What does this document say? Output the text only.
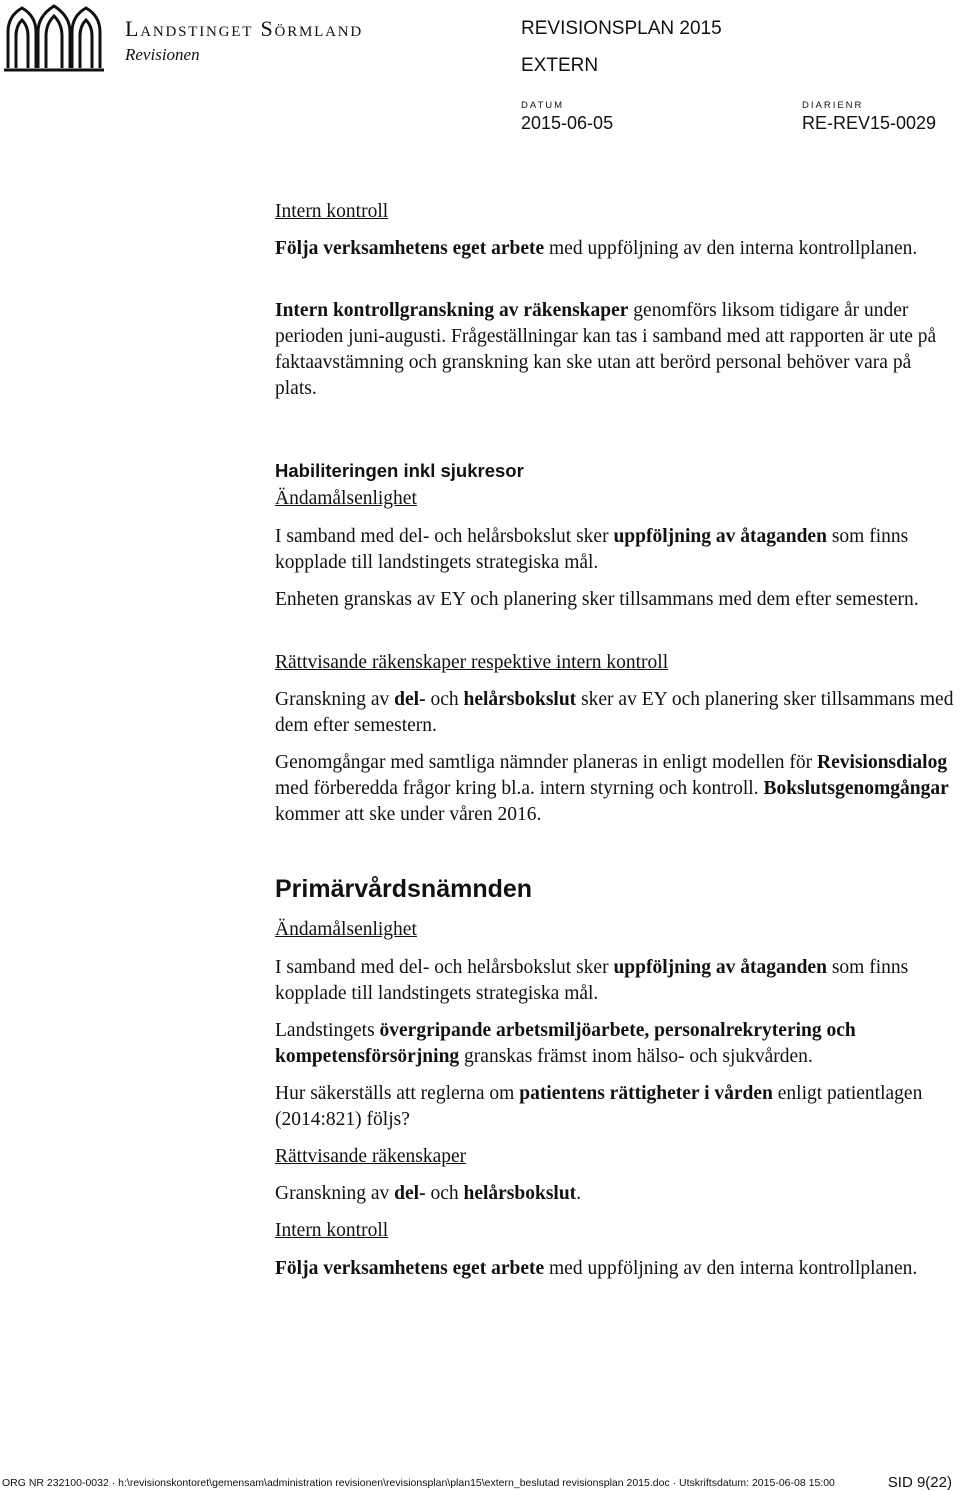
Landstinget Sörmland
Revisionen
REVISIONSPLAN 2015
EXTERN
DATUM
2015-06-05
DIARIENR
RE-REV15-0029

Intern kontroll

Följa verksamhetens eget arbete med uppföljning av den interna kontrollplanen.

Intern kontrollgranskning av räkenskaper genomförs liksom tidigare år under perioden juni-augusti. Frågeställningar kan tas i samband med att rapporten är ute på faktaavstämning och granskning kan ske utan att berörd personal behöver vara på plats.

Habiliteringen inkl sjukresor

Ändamålsenlighet

I samband med del- och helårsbokslut sker uppföljning av åtaganden som finns kopplade till landstingets strategiska mål.

Enheten granskas av EY och planering sker tillsammans med dem efter semestern.

Rättvisande räkenskaper respektive intern kontroll

Granskning av del- och helårsbokslut sker av EY och planering sker tillsammans med dem efter semestern.

Genomgångar med samtliga nämnder planeras in enligt modellen för Revisionsdialog med förberedda frågor kring bl.a. intern styrning och kontroll. Bokslutsgenomgångar kommer att ske under våren 2016.

Primärvårdsnämnden

Ändamålsenlighet

I samband med del- och helårsbokslut sker uppföljning av åtaganden som finns kopplade till landstingets strategiska mål.

Landstingets övergripande arbetsmiljöarbete, personalrekrytering och kompetensförsörjning granskas främst inom hälso- och sjukvården.

Hur säkerställs att reglerna om patientens rättigheter i vården enligt patientlagen (2014:821) följs?

Rättvisande räkenskaper

Granskning av del- och helårsbokslut.

Intern kontroll

Följa verksamhetens eget arbete med uppföljning av den interna kontrollplanen.

ORG NR 232100-0032 · h:\revisionskontoret\gemensam\administration revisionen\revisionsplan\plan15\extern_beslutad revisionsplan 2015.doc · Utskriftsdatum: 2015-06-08 15:00	SID 9(22)
